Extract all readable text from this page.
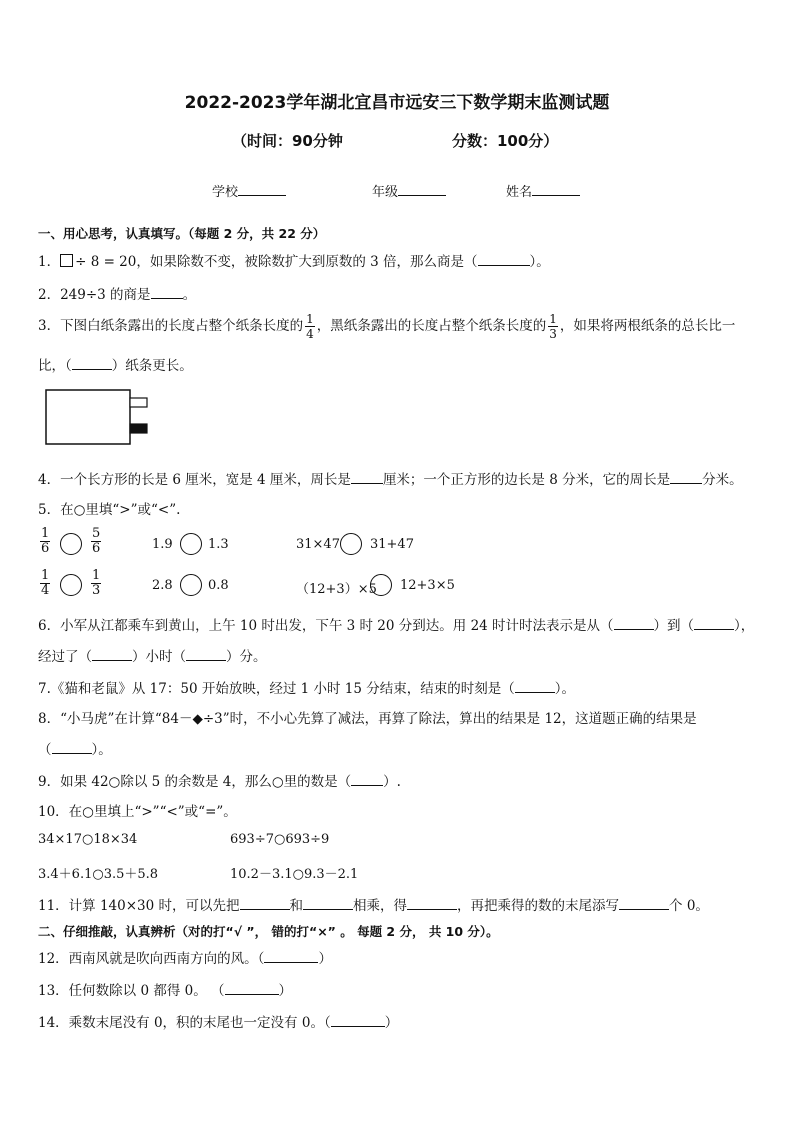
2022-2023学年湖北宜昌市远安三下数学期末监测试题
（时间：90分钟	分数：100分）
学校	年级	姓名
一、用心思考，认真填写。（每题 2 分，共 22 分）
1． ÷ 8 = 20，如果除数不变，被除数扩大到原数的 3 倍，那么商是（	）。
2．249÷3 的商是 。
3．下图白纸条露出的长度占整个纸条长度的 $\frac{1}{4}$ ，黑纸条露出的长度占整个纸条长度的 $\frac{1}{3}$ ，如果将两根纸条的总长比一
比，（	）纸条更长。
4．一个长方形的长是 6 厘米，宽是 4 厘米，周长是 厘米；一个正方形的边长是 8 分米，它的周长是 分米。
5．在○里填“>”或“<”.
$\frac{1}{6}$	$\frac{5}{6}$	1.9	1.3	31×47 31+47
$\frac{1}{4}$	$\frac{1}{3}$	2.8	0.8	（12+3）×5 12+3×5
6．小军从江都乘车到黄山，上午 10 时出发，下午 3 时 20 分到达。用 24 时计时法表示是从（	）到（	），
经过了（	）小时（	）分。
7.《猫和老鼠》从 17：50 开始放映，经过 1 小时 15 分结束，结束的时刻是（	）。
8．“小马虎”在计算“84－◆÷3”时，不小心先算了减法，再算了除法，算出的结果是 12，这道题正确的结果是
（	）。
9．如果 42○除以 5 的余数是 4，那么○里的数是（ ）.
10．在○里填上“>”“<”或“=”。
34×17○18×34	693÷7○693÷9
3.4＋6.1○3.5＋5.8	10.2－3.1○9.3－2.1
11．计算 140×30 时，可以先把	和	相乘，得	，再把乘得的数的末尾添写	个 0。
二、仔细推敲，认真辨析（对的打“√ ”， 错的打“×” 。 每题 2 分， 共 10 分）。
12．西南风就是吹向西南方向的风。（	）
13．任何数除以 0 都得 0。 （	）
14．乘数末尾没有 0，积的末尾也一定没有 0。（	）
